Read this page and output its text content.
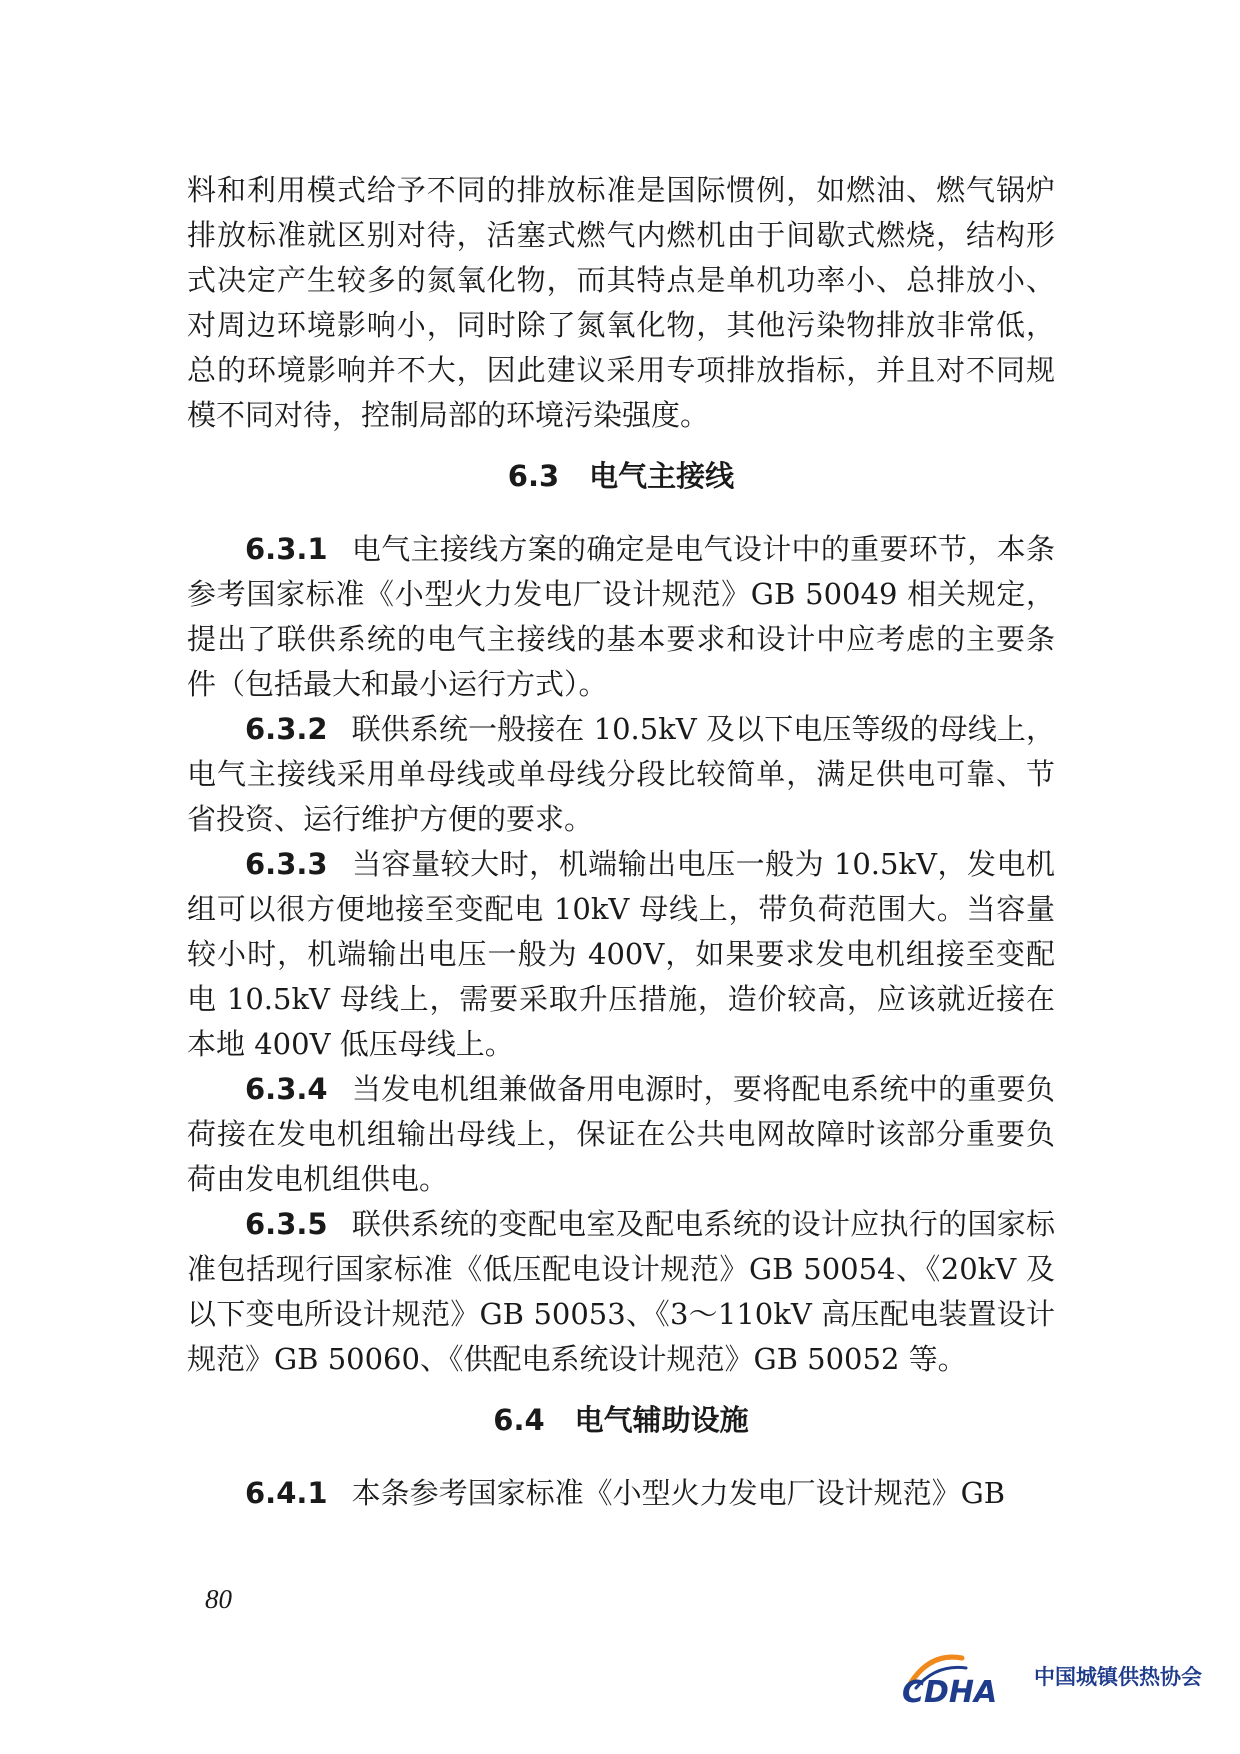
料和利用模式给予不同的排放标准是国际惯例，如燃油、燃气锅炉排放标准就区别对待，活塞式燃气内燃机由于间歇式燃烧，结构形式决定产生较多的氮氧化物，而其特点是单机功率小、总排放小、对周边环境影响小，同时除了氮氧化物，其他污染物排放非常低，总的环境影响并不大，因此建议采用专项排放指标，并且对不同规模不同对待，控制局部的环境污染强度。

6.3 电气主接线

6.3.1 电气主接线方案的确定是电气设计中的重要环节，本条参考国家标准《小型火力发电厂设计规范》GB 50049 相关规定，提出了联供系统的电气主接线的基本要求和设计中应考虑的主要条件（包括最大和最小运行方式）。

6.3.2 联供系统一般接在 10.5kV 及以下电压等级的母线上，电气主接线采用单母线或单母线分段比较简单，满足供电可靠、节省投资、运行维护方便的要求。

6.3.3 当容量较大时，机端输出电压一般为 10.5kV，发电机组可以很方便地接至变配电 10kV 母线上，带负荷范围大。当容量较小时，机端输出电压一般为 400V，如果要求发电机组接至变配电 10.5kV 母线上，需要采取升压措施，造价较高，应该就近接在本地 400V 低压母线上。

6.3.4 当发电机组兼做备用电源时，要将配电系统中的重要负荷接在发电机组输出母线上，保证在公共电网故障时该部分重要负荷由发电机组供电。

6.3.5 联供系统的变配电室及配电系统的设计应执行的国家标准包括现行国家标准《低压配电设计规范》GB 50054、《20kV 及以下变电所设计规范》GB 50053、《3～110kV 高压配电装置设计规范》GB 50060、《供配电系统设计规范》GB 50052 等。

6.4 电气辅助设施

6.4.1 本条参考国家标准《小型火力发电厂设计规范》GB

80
CDHA 中国城镇供热协会
